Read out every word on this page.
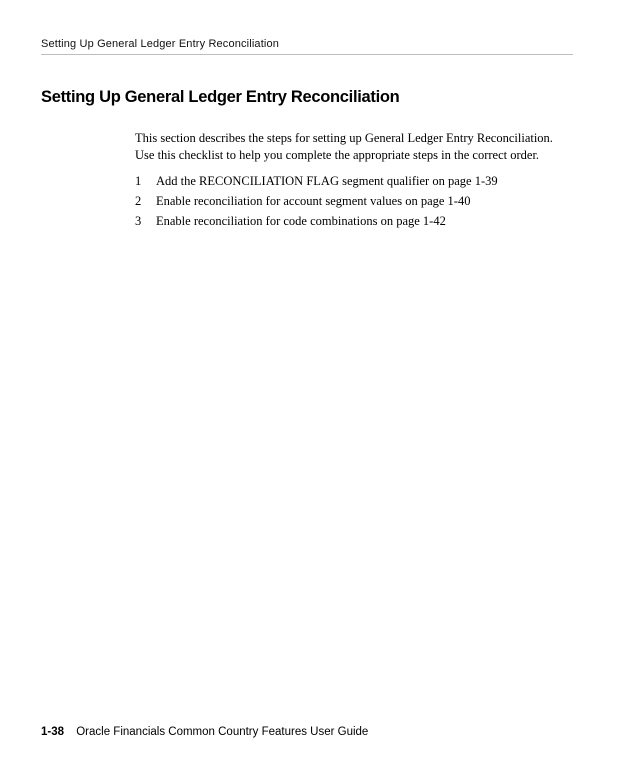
Setting Up General Ledger Entry Reconciliation
Setting Up General Ledger Entry Reconciliation

This section describes the steps for setting up General Ledger Entry Reconciliation.
Use this checklist to help you complete the appropriate steps in the correct order.

1	Add the RECONCILIATION FLAG segment qualifier on page 1-39
2	Enable reconciliation for account segment values on page 1-40
3	Enable reconciliation for code combinations on page 1-42
1-38 Oracle Financials Common Country Features User Guide
